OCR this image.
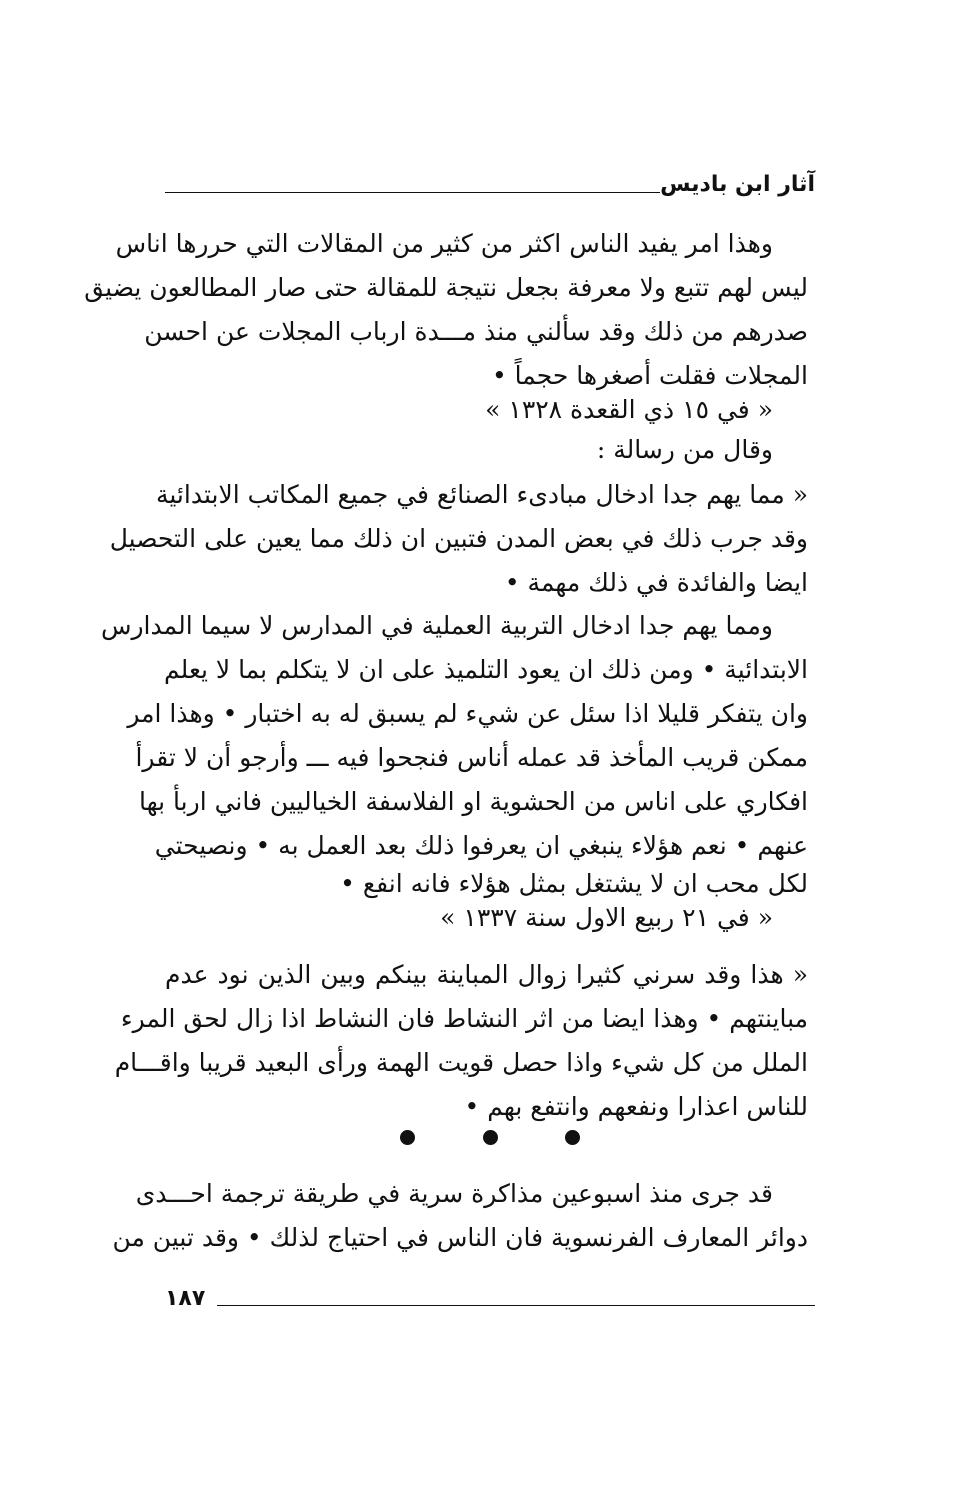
آثار ابن باديس
وهذا امر يفيد الناس اكثر من كثير من المقالات التي حررها اناس
ليس لهم تتبع ولا معرفة بجعل نتيجة للمقالة حتى صار المطالعون يضيق
صدرهم من ذلك وقد سألني منذ مـــدة ارباب المجلات عن احسن
المجلات فقلت أصغرها حجماً •
« في ١٥ ذي القعدة ١٣٢٨ »
وقال من رسالة :
« مما يهم جدا ادخال مبادىء الصنائع في جميع المكاتب الابتدائية
وقد جرب ذلك في بعض المدن فتبين ان ذلك مما يعين على التحصيل
ايضا والفائدة في ذلك مهمة •
ومما يهم جدا ادخال التربية العملية في المدارس لا سيما المدارس
الابتدائية • ومن ذلك ان يعود التلميذ على ان لا يتكلم بما لا يعلم
وان يتفكر قليلا اذا سئل عن شيء لم يسبق له به اختبار • وهذا امر
ممكن قريب المأخذ قد عمله أناس فنجحوا فيه ـــ وأرجو أن لا تقرأ
افكاري على اناس من الحشوية او الفلاسفة الخياليين فاني اربأ بها
عنهم • نعم هؤلاء ينبغي ان يعرفوا ذلك بعد العمل به • ونصيحتي
لكل محب ان لا يشتغل بمثل هؤلاء فانه انفع •
« في ٢١ ربيع الاول سنة ١٣٣٧ »
« هذا وقد سرني كثيرا زوال المباينة بينكم وبين الذين نود عدم
مباينتهم • وهذا ايضا من اثر النشاط فان النشاط اذا زال لحق المرء
الملل من كل شيء واذا حصل قويت الهمة ورأى البعيد قريبا واقـــام
للناس اعذارا ونفعهم وانتفع بهم •
قد جرى منذ اسبوعين مذاكرة سرية في طريقة ترجمة احـــدى
دوائر المعارف الفرنسوية فان الناس في احتياج لذلك • وقد تبين من
١٨٧
